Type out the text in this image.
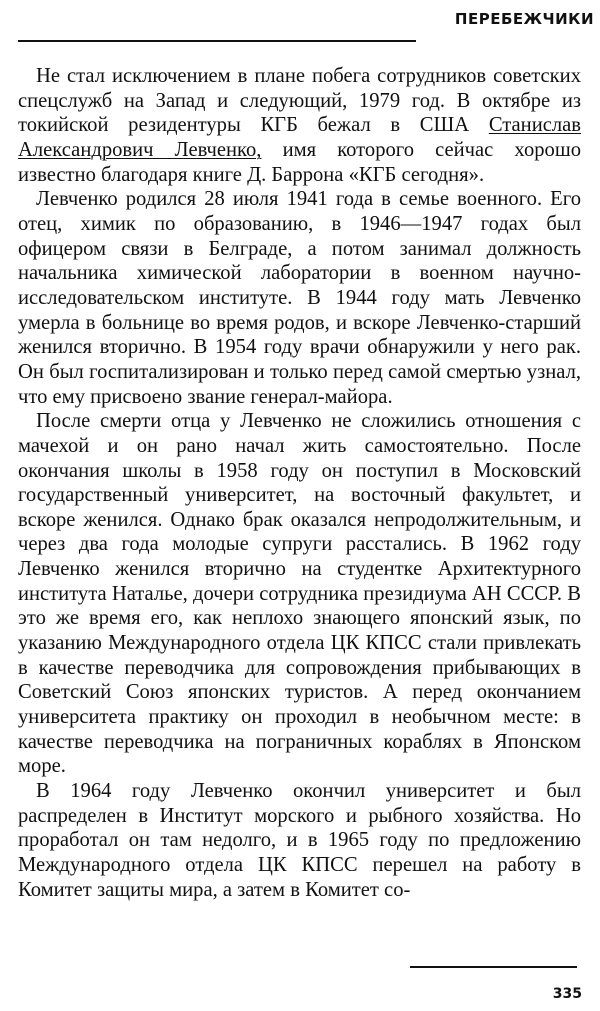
ПЕРЕБЕЖЧИКИ

Не стал исключением в плане побега сотрудников советских спецслужб на Запад и следующий, 1979 год. В октябре из токийской резидентуры КГБ бежал в США Станислав Александрович Левченко, имя которого сейчас хорошо известно благодаря книге Д. Баррона «КГБ сегодня».

Левченко родился 28 июля 1941 года в семье военного. Его отец, химик по образованию, в 1946—1947 годах был офицером связи в Белграде, а потом занимал должность начальника химической лаборатории в военном научно-исследовательском институте. В 1944 году мать Левченко умерла в больнице во время родов, и вскоре Левченко-старший женился вторично. В 1954 году врачи обнаружили у него рак. Он был госпитализирован и только перед самой смертью узнал, что ему присвоено звание генерал-майора.

После смерти отца у Левченко не сложились отношения с мачехой и он рано начал жить самостоятельно. После окончания школы в 1958 году он поступил в Московский государственный университет, на восточный факультет, и вскоре женился. Однако брак оказался непродолжительным, и через два года молодые супруги расстались. В 1962 году Левченко женился вторично на студентке Архитектурного института Наталье, дочери сотрудника президиума АН СССР. В это же время его, как неплохо знающего японский язык, по указанию Международного отдела ЦК КПСС стали привлекать в качестве переводчика для сопровождения прибывающих в Советский Союз японских туристов. А перед окончанием университета практику он проходил в необычном месте: в качестве переводчика на пограничных кораблях в Японском море.

В 1964 году Левченко окончил университет и был распределен в Институт морского и рыбного хозяйства. Но проработал он там недолго, и в 1965 году по предложению Международного отдела ЦК КПСС перешел на работу в Комитет защиты мира, а затем в Комитет со-

335
